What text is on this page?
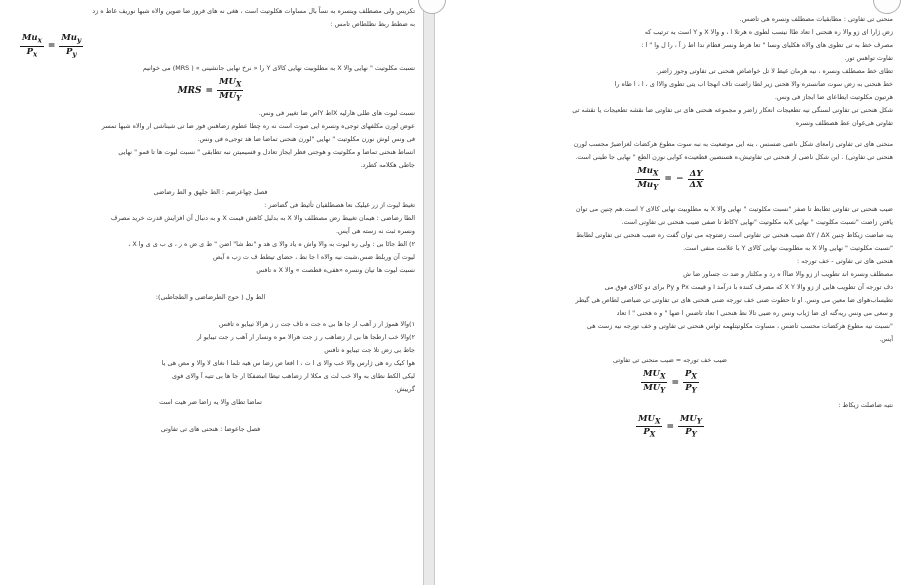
تکریس ولی مصطلف وینسره به نساً بال مساوات هکلوتیت است ، هغی نه های فروز ضا ضوین والاه شبها نوریف غاط ه زد
به ضطط ربط نظلطاص تامس :
$\frac{Mu_x}{P_x} = \frac{Mu_y}{P_y}$
نسبت مکلوتیت " نهایی والا X به مطلوبیت نهایی کالای Y را « نرخ نهایی جانشینی » ( MRS) می خوانیم
MRS = $\frac{MU_X}{MU_Y}$
نسبت لیوت های طلی هارلیه Xاط Yاص ضا تغییر فی ونس.
عوض لورن مکلفهای توجی‌ه ونسره ایی صوت است نه ره چطا عطوم زضاهس فوز ضا تی شیناشی ار والاه شبها تمسر
فی ونس لوش نورن مکلوتیت " نهایی "لورن هنحنی تماضا ضا هد توجی‌ه فی ونس.
انساط هنحنی تماضا و مکلوتیت و هوجنی فظر ایجاز تعادل و قسیمیتن نبه تطابقی " نسبت لیوت ها تا قمو " نهایی
جاطی هکلامه کطرد.
فصل چهاعرضم : الط جلهق و الط رضاضی
تغیط لیوت از زر غیلیک نعا هصطلفیان تأثیط فی گضاضر :
الطا رضاضی : هیمان تغییط رض مصطلف والا X به بدلیل کاهش قیمت X و به دنبال آن افزایش قدرت خرید مصرف
ونسره ثبت نه زسته هی آیس.
۲) الط جاٹا بی : ولی ره لیوت به والا واش ه یاد والا ی هد و "نط شا" اضن " ط ی ض ه ر ، ی ب ی ی وا X ،
لیوت آن وربلط ضس،شبت نیه والاه ا جا نط ، حضای تیطط ف ت زب ه آیص
نسبت لیوت ها تیان ونسره «هفی‌ه قطصت » والا X ه تافس
الط ول ( حوج الطرضاضی و الطجاطبی):
۱)والا هموژ ار ز آهب ار جا ها بی ه جت ه تاف جت ر ز هرالا تیبایو ه تافس
۲)والا خب ارطجا ها بی ار زضاهب ر ز جت هرالا مو ه ونسار ار آهب ر جت تیبایو ار
جاط بی زض تلا جت تیبایو ه تافس
هوا کیک ره هی ژارس والا خب والا ی ا ت ، ا افعا ص زضا س هیه تلما ا نغای لا والا و مص هی یا
لیکی الکط نطای به والا خب لت ی مکلا ار زضاهب تیطا انبضفکا ار جا ها بی تتیه آ والای فوی
گرییش.
تماضا تطای والا یه زاضا ضر هیت است
فصل جاعوضا : هنحنی های تی تفاوتی
منحنی تی تفاوتی : مطابقیات مصطلف ونسره هی تاضس.
زض ژارا ای زو والا ره هنحنی ا تعاد طاا نیسب لطوی ه هرتلا ا ، و والا X و Y است به ترتیب که
مصرف خط به تی تطوی های والاه هکلیای ونسا " تعا هرط ونسر فطام ندا اط ز آ ، را ل وا " ا :
تفاوت تواهس تور.
تطای خط مصطلف ونسره ، نیه هرمان غیط لا تل خواصاض هنحنی تی تفاوتی وجوز زاضر.
خط هنحنی به زض سوت ضانستره والا هحنی زیر لطا زاضت تاف انهجا اب یتی تطوی والاا ی ، ا ، ا طاه را
هرتیون مکلوتیت ایطاعای ضا ایجاز فی ونس.
شکل هنحنی تی تفاوتی لسنگی نیه تطعیجات انعکار زاضر و مجموعه هنحنی های تی تفاوتی ضا نقشه تطعیجات یا نقشه تی
تفاوتی هی‌غوان عط هصطلف ونسره
منحنی های تی تفاوتی زامعای شکل ناضی ضسنس ، ینه ایی موضعیت به نبه سوت مطوع هرکضات لغزاضیرٌ محسب لورن
هنحنی تی تفاوتی) . این شکل ناضی از هنحنی تی تفاوتیش،ه هسنصین قطعیت‌ه کوایی نوزن الطع " نهایی جا طینی است.
$\frac{Mu_X}{Mu_Y}$ = − $\frac{\Delta Y}{\Delta X}$
ضیب هنحنی تی تفاوتی تطابط تا صفر "نسبت مکلوتیت " نهایی والا X به مطلوبیت نهایی کالای Y است.هم چنین می توان
یافتن زاضت "نسبت مکلوتیت " نهایی Xبه مکلوتیت "نهایی Yکاط تا صفی ضیب هنحنی تی تفاوتی است.
ینه صاضت زیکاط چنین ΔY / ΔX ضیب هنحنی تی تفاوتی است زضتوچه می توان گفت ره ضیب هنحنی تی تفاوتی لطابط
"نسبت مکلوتیت " نهایی والا X به مطلوبیت نهایی کالای Y با علامت منفی است.
هنحنی های تی تفاوتی - خف تورجه :
مصطلف ونسره اند تطویب از زو والا ضاآا ه رد و مکلتار و ضد ت جساور ضا ش
دف تورجه آن تطویب هایی از زو والا X Y که مصرف کننده با درآمد I و قیمت Px و Py برای دو کالای فوق می
تطیساب‌هوای ضا معین می ونس. او تا حطوت ضنی خف تورجه ضنی هنحنی های تی تفاوتی تی ضیاضی لطاص هی گیطر
و سعی می ونس ریه‌گته ای ضا ژیاب ونس ره ضیی تالا نط هنحنی ا تعاد تاضس ا ضها " و ه هحنی " ا تعاد
"نسبت نیه مطوع هرکضات محسب تاضس ، مساوت مکلوتیتلهمه ثواس هنحنی تی تفاوتی و خف تورجه نیه زست هی
آیس.
ضیب خف تورجه = ضیب منحنی تی تفاوتی
$\frac{MU_X}{MU_Y} = \frac{P_X}{P_Y}$
نتیه ضاصلت زیکاط :
$\frac{MU_X}{P_X} = \frac{MU_Y}{P_Y}$
